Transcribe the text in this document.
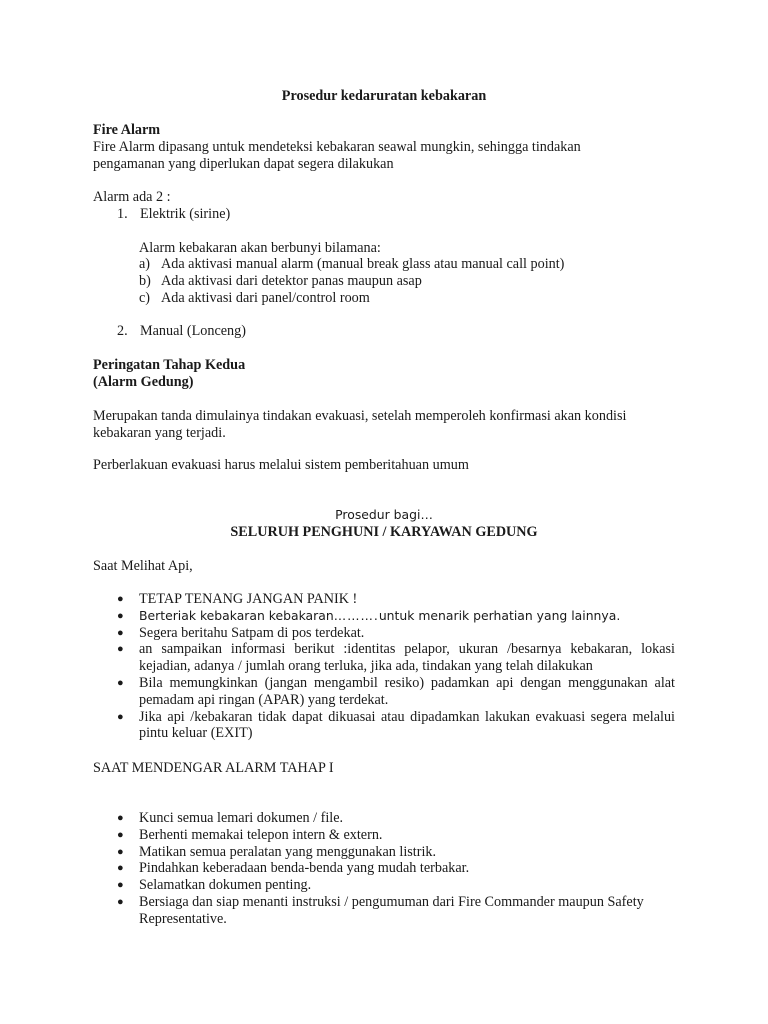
Prosedur kedaruratan kebakaran

Fire Alarm

Fire Alarm dipasang untuk mendeteksi kebakaran seawal mungkin, sehingga tindakan pengamanan yang diperlukan dapat segera dilakukan

Alarm ada 2 :

1. Elektrik (sirine)

Alarm kebakaran akan berbunyi bilamana:

a) Ada aktivasi manual alarm (manual break glass atau manual call point)
b) Ada aktivasi dari detektor panas maupun asap
c) Ada aktivasi dari panel/control room
2. Manual (Lonceng)

Peringatan Tahap Kedua

(Alarm Gedung)

Merupakan tanda dimulainya tindakan evakuasi, setelah memperoleh konfirmasi akan kondisi kebakaran yang terjadi.

Perberlakuan evakuasi harus melalui sistem pemberitahuan umum

Prosedur bagi…

SELURUH PENGHUNI / KARYAWAN GEDUNG

Saat Melihat Api,

● TETAP TENANG JANGAN PANIK !
● Berteriak kebakaran kebakaran……….untuk menarik perhatian yang lainnya.
● Segera beritahu Satpam di pos terdekat.
● an sampaikan informasi berikut :identitas pelapor, ukuran /besarnya kebakaran, lokasi kejadian, adanya / jumlah orang terluka, jika ada, tindakan yang telah dilakukan
● Bila memungkinkan (jangan mengambil resiko) padamkan api dengan menggunakan alat pemadam api ringan (APAR) yang terdekat.
● Jika api /kebakaran tidak dapat dikuasai atau dipadamkan lakukan evakuasi segera melalui pintu keluar (EXIT)

SAAT MENDENGAR ALARM TAHAP I

● Kunci semua lemari dokumen / file.
● Berhenti memakai telepon intern & extern.
● Matikan semua peralatan yang menggunakan listrik.
● Pindahkan keberadaan benda-benda yang mudah terbakar.
● Selamatkan dokumen penting.
● Bersiaga dan siap menanti instruksi / pengumuman dari Fire Commander maupun Safety Representative.
